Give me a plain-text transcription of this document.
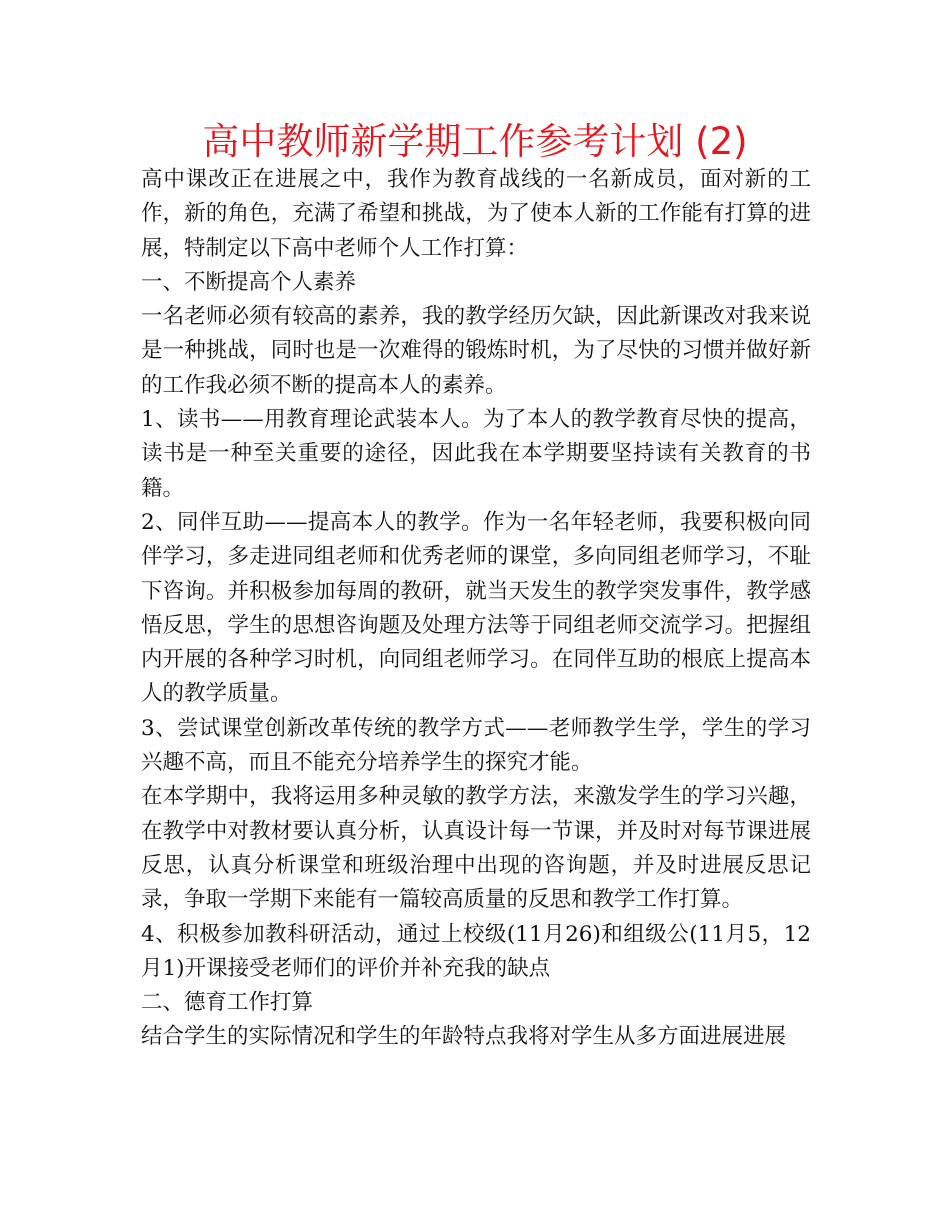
高中教师新学期工作参考计划 (2)

高中课改正在进展之中，我作为教育战线的一名新成员，面对新的工作，新的角色，充满了希望和挑战，为了使本人新的工作能有打算的进展，特制定以下高中老师个人工作打算：

一、不断提高个人素养

一名老师必须有较高的素养，我的教学经历欠缺，因此新课改对我来说是一种挑战，同时也是一次难得的锻炼时机，为了尽快的习惯并做好新的工作我必须不断的提高本人的素养。

1、读书——用教育理论武装本人。为了本人的教学教育尽快的提高，读书是一种至关重要的途径，因此我在本学期要坚持读有关教育的书籍。

2、同伴互助——提高本人的教学。作为一名年轻老师，我要积极向同伴学习，多走进同组老师和优秀老师的课堂，多向同组老师学习，不耻下咨询。并积极参加每周的教研，就当天发生的教学突发事件，教学感悟反思，学生的思想咨询题及处理方法等于同组老师交流学习。把握组内开展的各种学习时机，向同组老师学习。在同伴互助的根底上提高本人的教学质量。

3、尝试课堂创新改革传统的教学方式——老师教学生学，学生的学习兴趣不高，而且不能充分培养学生的探究才能。

在本学期中，我将运用多种灵敏的教学方法，来激发学生的学习兴趣，在教学中对教材要认真分析，认真设计每一节课，并及时对每节课进展反思，认真分析课堂和班级治理中出现的咨询题，并及时进展反思记录，争取一学期下来能有一篇较高质量的反思和教学工作打算。

4、积极参加教科研活动，通过上校级(11月26)和组级公(11月5，12月1)开课接受老师们的评价并补充我的缺点

二、德育工作打算

结合学生的实际情况和学生的年龄特点我将对学生从多方面进展进展
